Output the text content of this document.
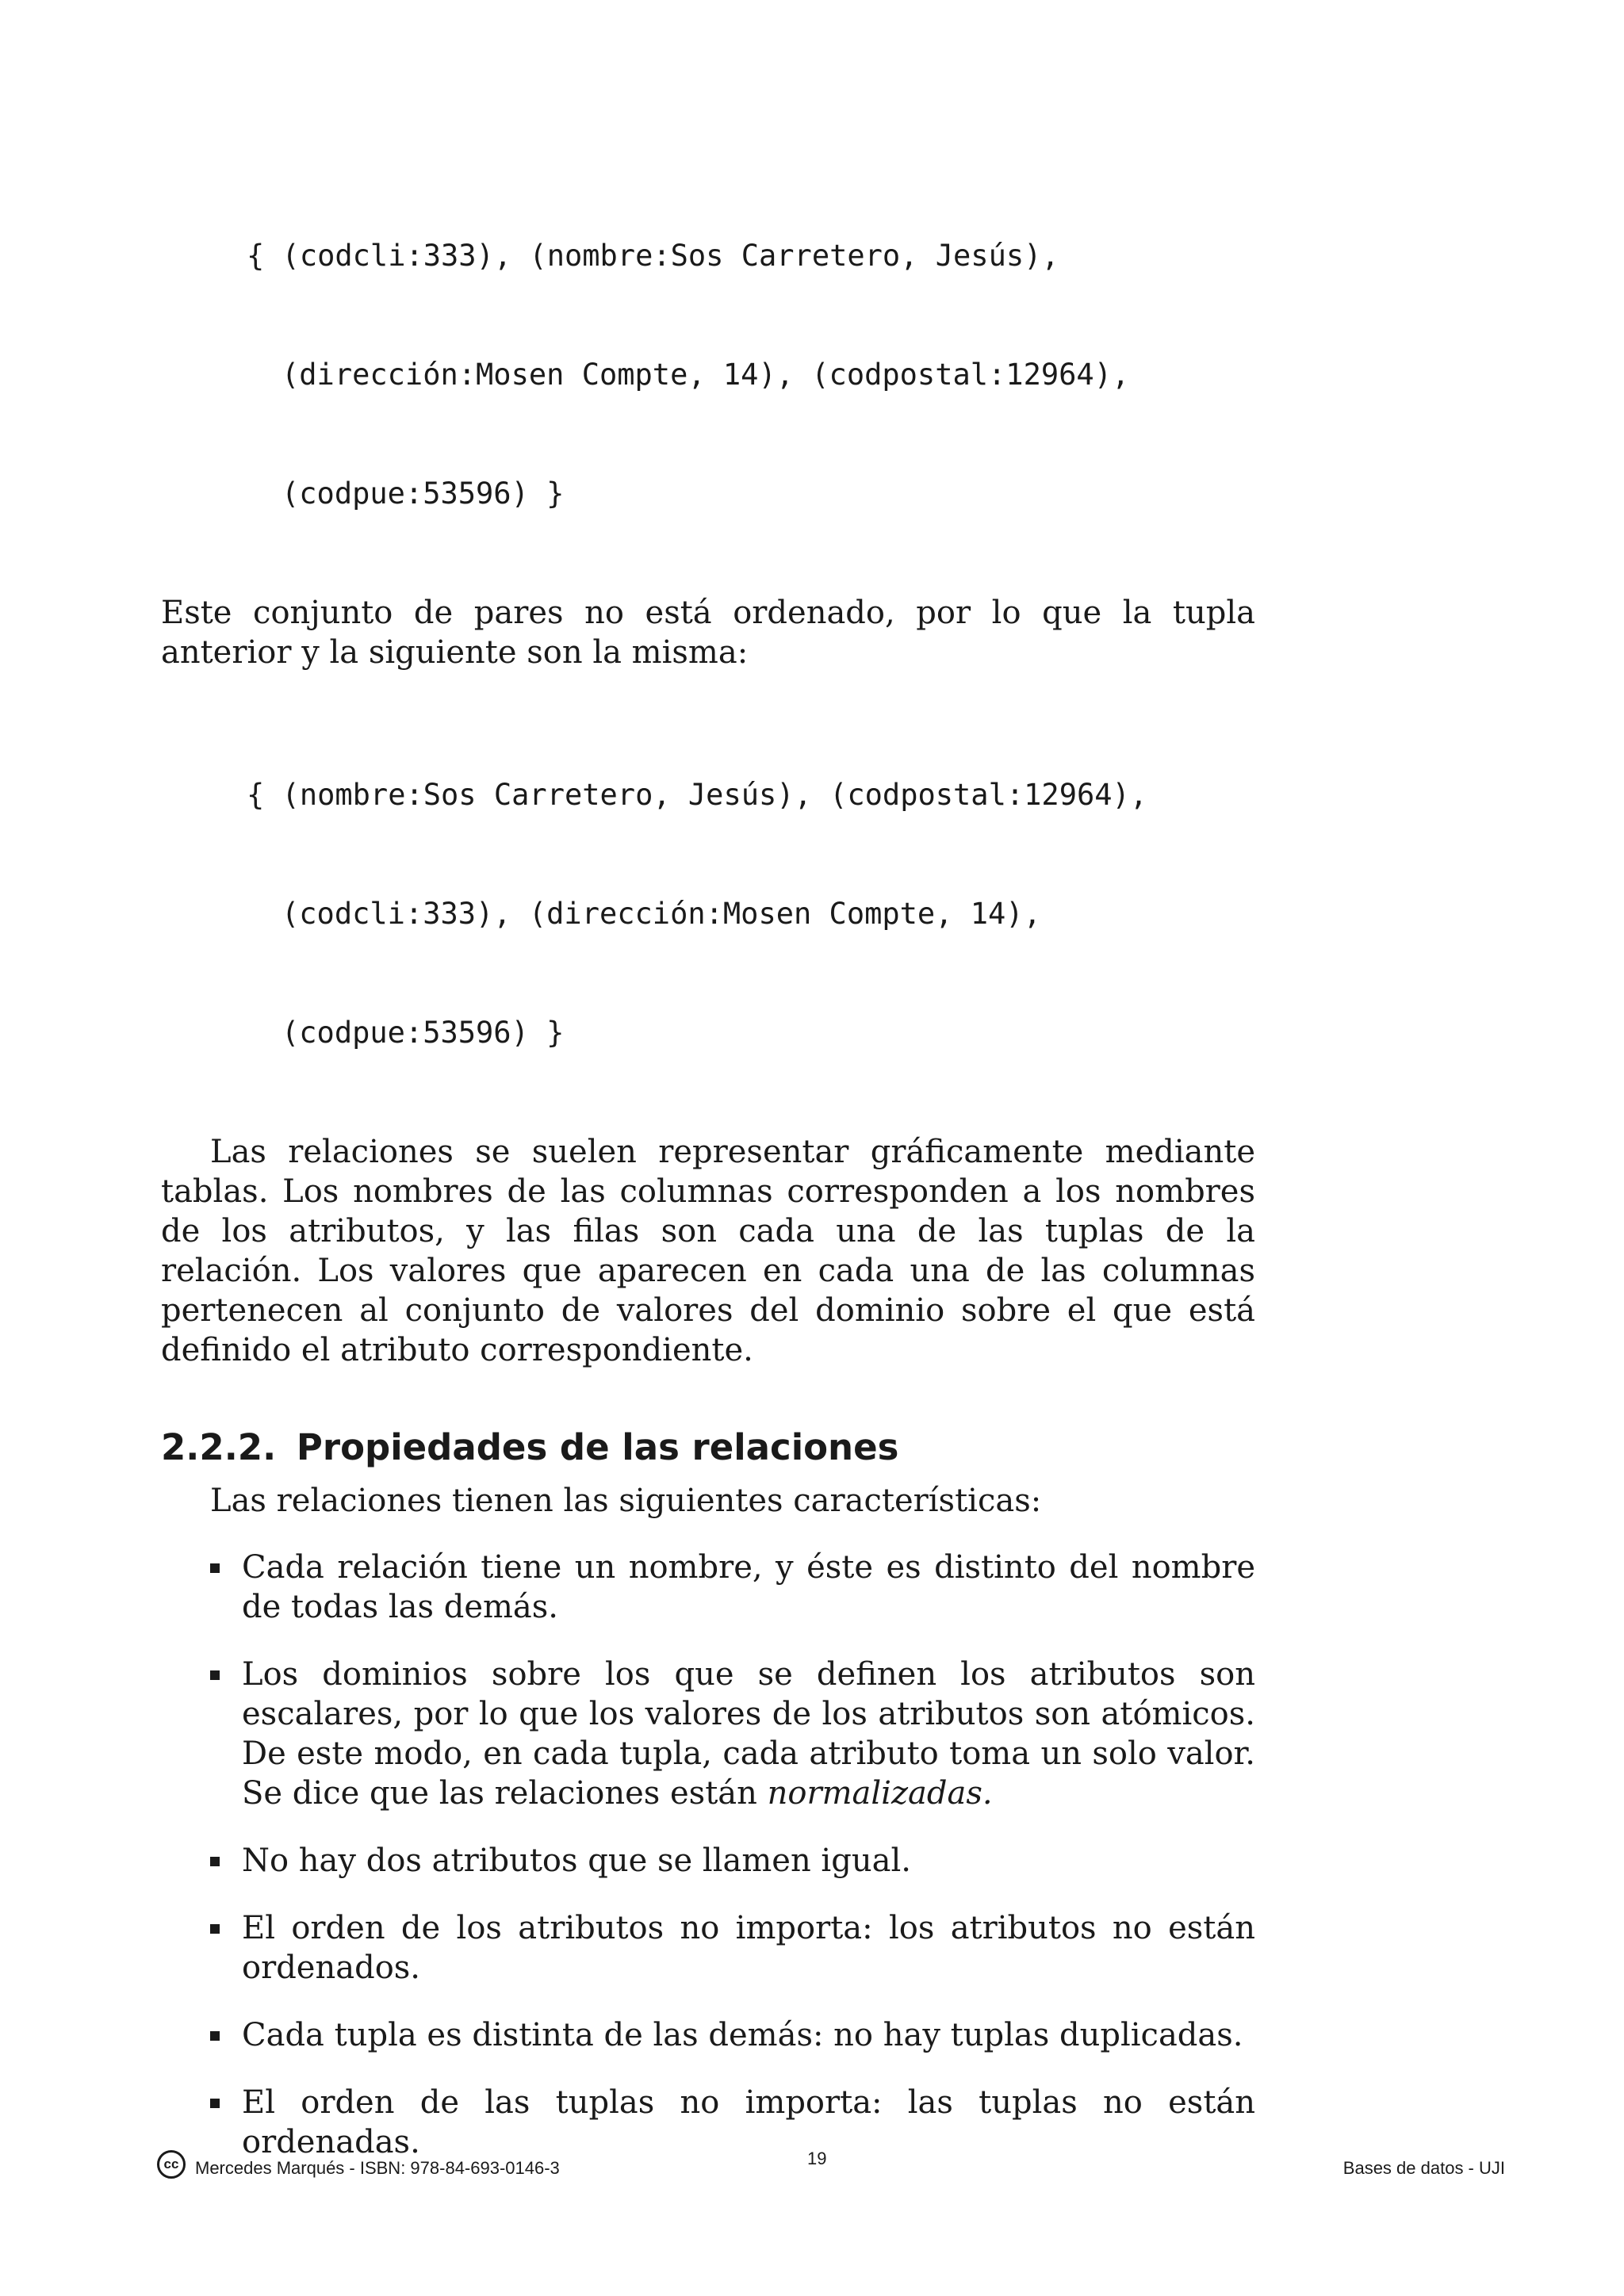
{ (codcli:333), (nombre:Sos Carretero, Jesús),

(dirección:Mosen Compte, 14), (codpostal:12964),

(codpue:53596) }

Este conjunto de pares no está ordenado, por lo que la tupla anterior y la siguiente son la misma:

{ (nombre:Sos Carretero, Jesús), (codpostal:12964),

(codcli:333), (dirección:Mosen Compte, 14),

(codpue:53596) }

Las relaciones se suelen representar gráficamente mediante tablas. Los nombres de las columnas corresponden a los nombres de los atributos, y las filas son cada una de las tuplas de la relación. Los valores que aparecen en cada una de las columnas pertenecen al conjunto de valores del dominio sobre el que está definido el atributo correspondiente.

2.2.2. Propiedades de las relaciones

Las relaciones tienen las siguientes características:

Cada relación tiene un nombre, y éste es distinto del nombre de todas las demás.
Los dominios sobre los que se definen los atributos son escalares, por lo que los valores de los atributos son atómicos. De este modo, en cada tupla, cada atributo toma un solo valor. Se dice que las relaciones están normalizadas.
No hay dos atributos que se llamen igual.
El orden de los atributos no importa: los atributos no están ordenados.
Cada tupla es distinta de las demás: no hay tuplas duplicadas.
El orden de las tuplas no importa: las tuplas no están ordenadas.
cc Mercedes Marqués - ISBN: 978-84-693-0146-3	19	Bases de datos - UJI
